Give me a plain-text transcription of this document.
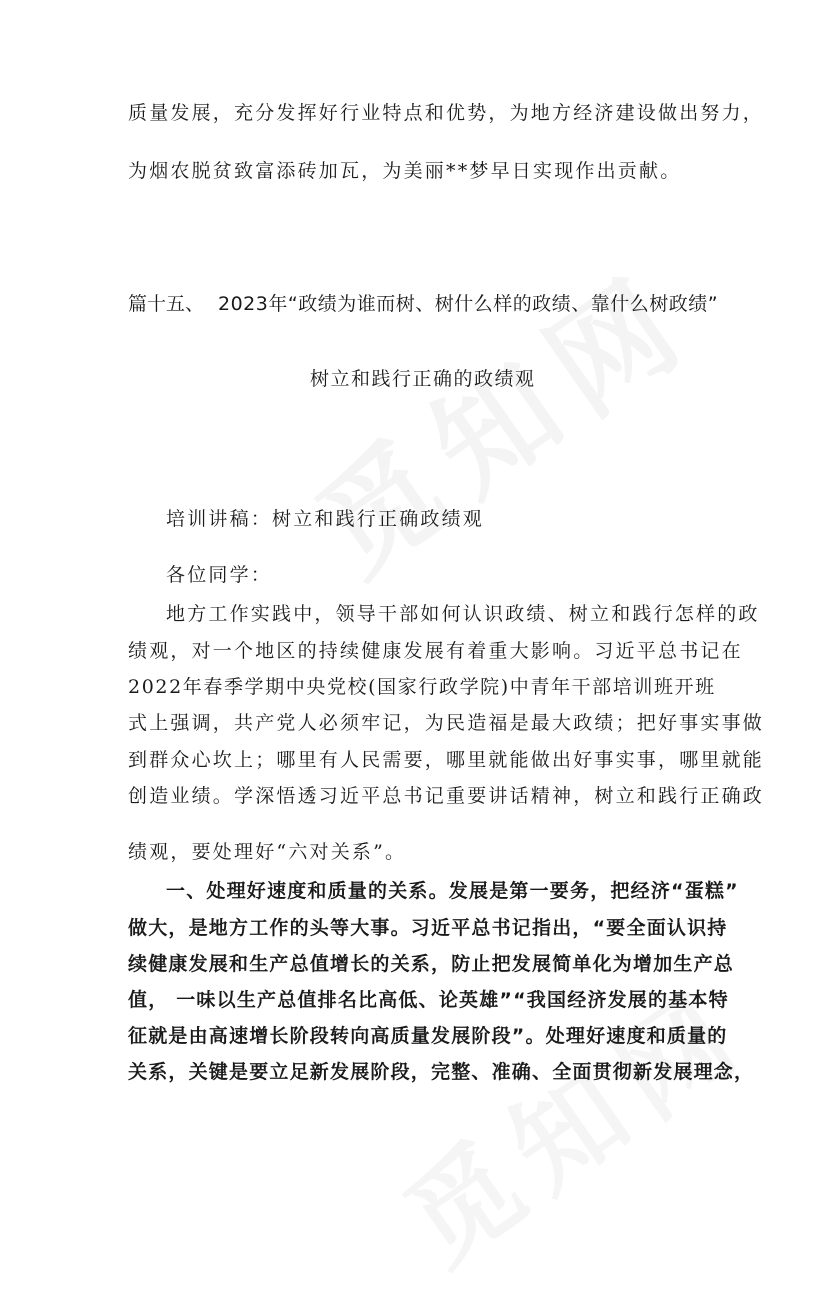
质量发展，充分发挥好行业特点和优势，为地方经济建设做出努力，
为烟农脱贫致富添砖加瓦，为美丽**梦早日实现作出贡献。
篇十五、 2023年“政绩为谁而树、树什么样的政绩、靠什么树政绩”
树立和践行正确的政绩观
培训讲稿：树立和践行正确政绩观
各位同学：
地方工作实践中，领导干部如何认识政绩、树立和践行怎样的政
绩观，对一个地区的持续健康发展有着重大影响。习近平总书记在
2022年春季学期中央党校(国家行政学院)中青年干部培训班开班
式上强调，共产党人必须牢记，为民造福是最大政绩；把好事实事做
到群众心坎上；哪里有人民需要，哪里就能做出好事实事，哪里就能
创造业绩。学深悟透习近平总书记重要讲话精神，树立和践行正确政
绩观，要处理好“六对关系”。
一、处理好速度和质量的关系。发展是第一要务，把经济“蛋糕”
做大，是地方工作的头等大事。习近平总书记指出，“要全面认识持
续健康发展和生产总值增长的关系，防止把发展简单化为增加生产总
值， 一味以生产总值排名比高低、论英雄”“我国经济发展的基本特
征就是由高速增长阶段转向高质量发展阶段”。处理好速度和质量的
关系，关键是要立足新发展阶段，完整、准确、全面贯彻新发展理念，
